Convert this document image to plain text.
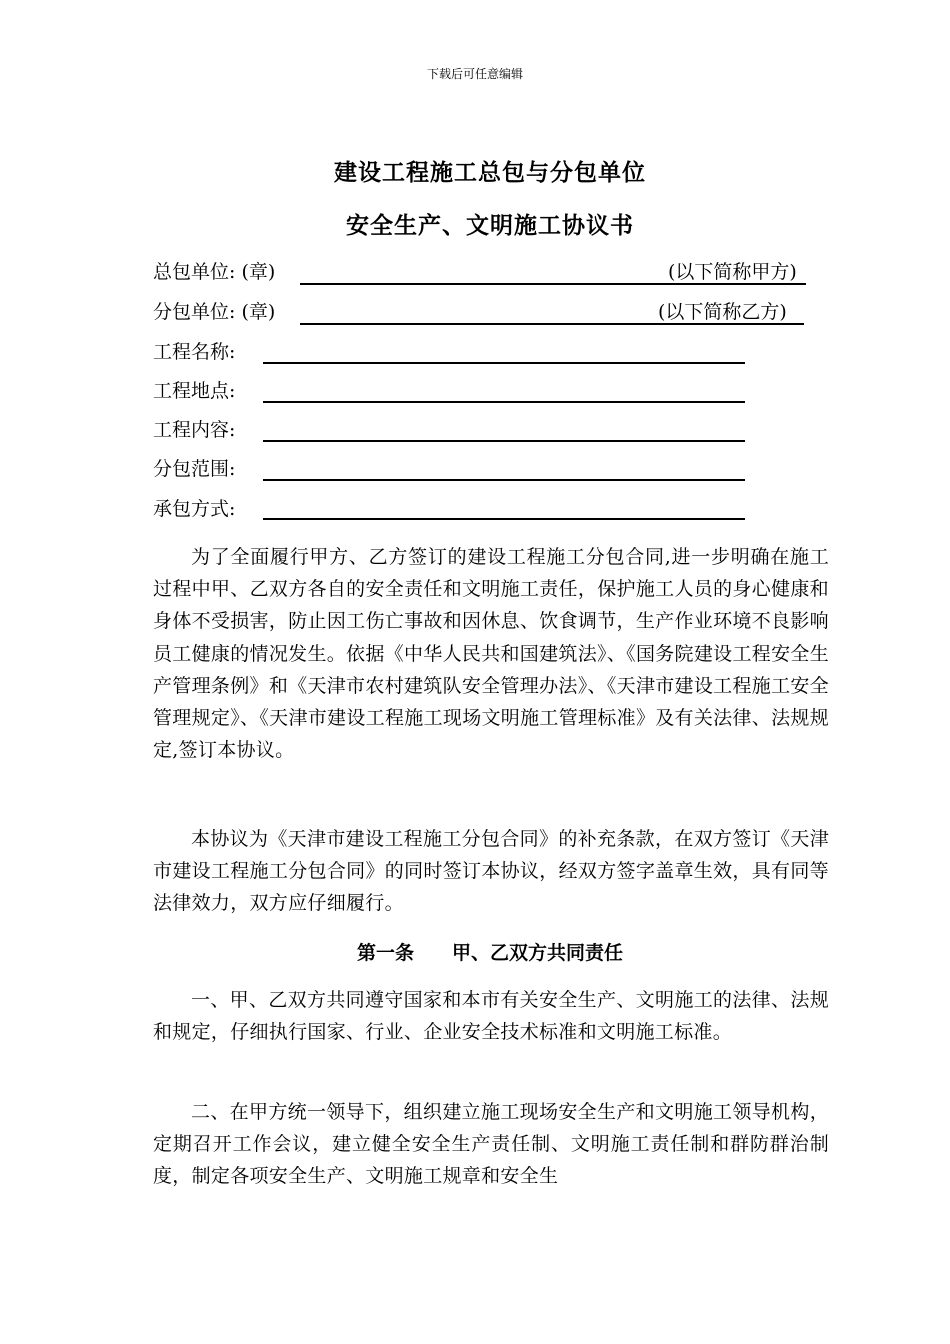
下载后可任意编辑
建设工程施工总包与分包单位
安全生产、文明施工协议书
总包单位: (章)	(以下简称甲方)
分包单位: (章)	(以下简称乙方)
工程名称:
工程地点:
工程内容:
分包范围:
承包方式:
为了全面履行甲方、乙方签订的建设工程施工分包合同,进一步明确在施工过程中甲、乙双方各自的安全责任和文明施工责任，保护施工人员的身心健康和身体不受损害，防止因工伤亡事故和因休息、饮食调节，生产作业环境不良影响员工健康的情况发生。依据《中华人民共和国建筑法》、《国务院建设工程安全生产管理条例》和《天津市农村建筑队安全管理办法》、《天津市建设工程施工安全管理规定》、《天津市建设工程施工现场文明施工管理标准》及有关法律、法规规定,签订本协议。
本协议为《天津市建设工程施工分包合同》的补充条款，在双方签订《天津市建设工程施工分包合同》的同时签订本协议，经双方签字盖章生效，具有同等法律效力，双方应仔细履行。
第一条 甲、乙双方共同责任
一、甲、乙双方共同遵守国家和本市有关安全生产、文明施工的法律、法规和规定，仔细执行国家、行业、企业安全技术标准和文明施工标准。
二、在甲方统一领导下，组织建立施工现场安全生产和文明施工领导机构，定期召开工作会议，建立健全安全生产责任制、文明施工责任制和群防群治制度，制定各项安全生产、文明施工规章和安全生
